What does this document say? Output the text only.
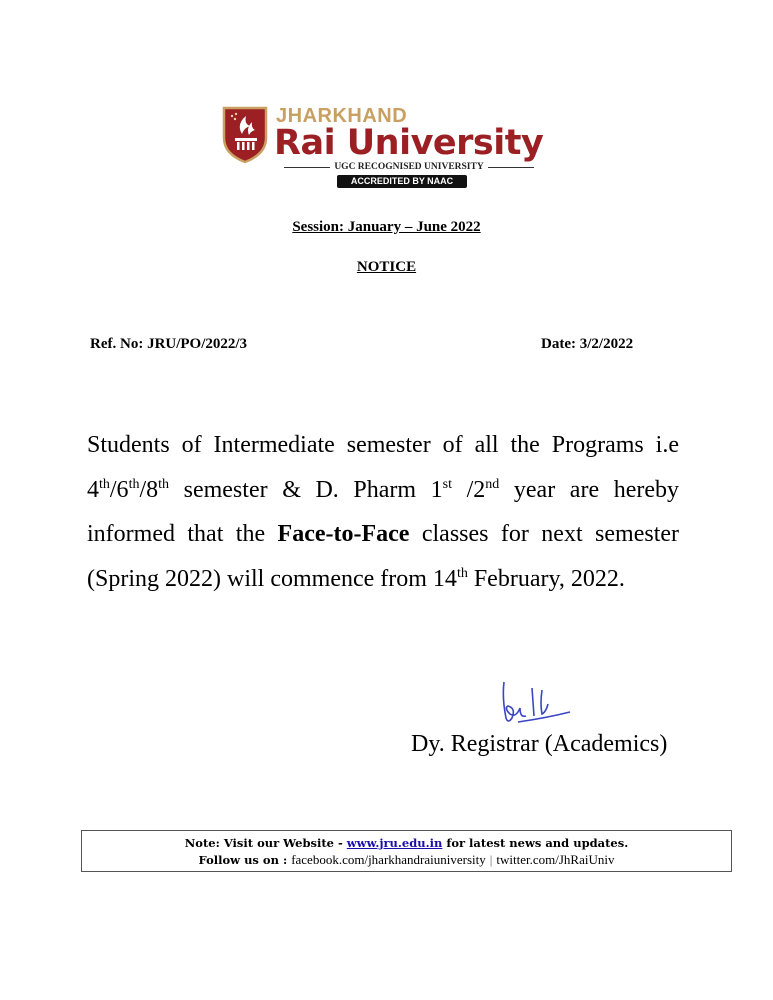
JHARKHAND
Rai University
UGC RECOGNISED UNIVERSITY
ACCREDITED BY NAAC
Session: January – June 2022
NOTICE
Ref. No: JRU/PO/2022/3	Date: 3/2/2022
Students of Intermediate semester of all the Programs i.e
4th/6th/8th semester & D. Pharm 1st /2nd year are hereby
informed that the Face-to-Face classes for next semester
(Spring 2022) will commence from 14th February, 2022.
Dy. Registrar (Academics)
Note: Visit our Website - www.jru.edu.in for latest news and updates.
Follow us on : facebook.com/jharkhandraiuniversity | twitter.com/JhRaiUniv
